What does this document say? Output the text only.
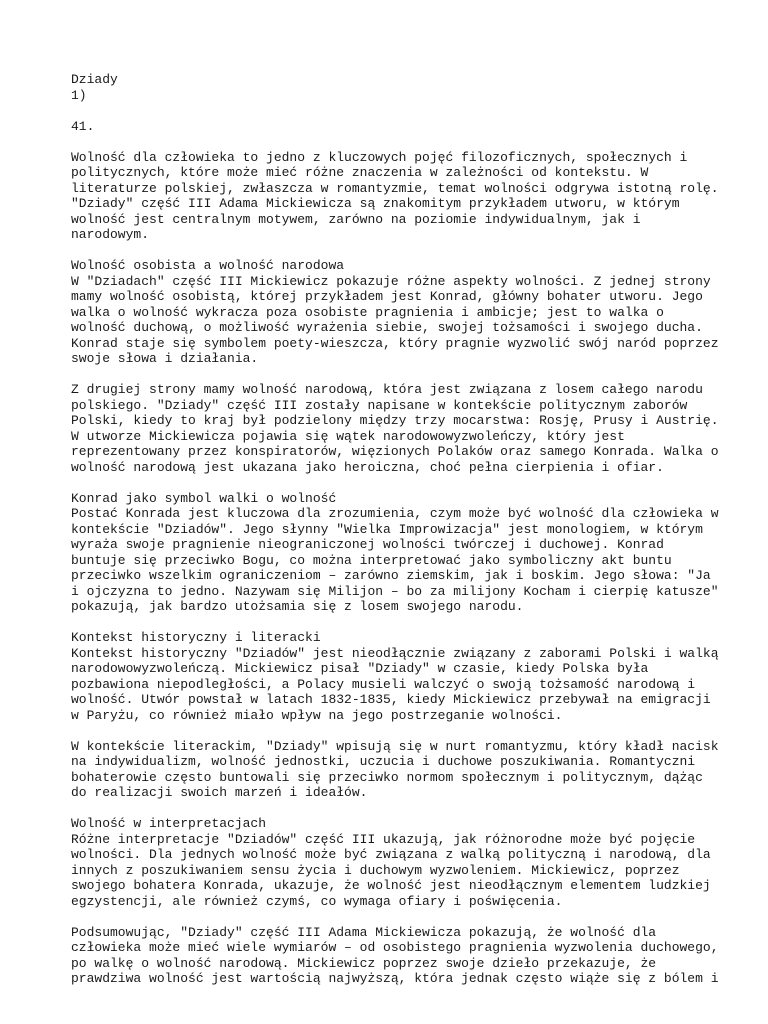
Dziady
1)
41.
Wolność dla człowieka to jedno z kluczowych pojęć filozoficznych, społecznych i
politycznych, które może mieć różne znaczenia w zależności od kontekstu. W
literaturze polskiej, zwłaszcza w romantyzmie, temat wolności odgrywa istotną rolę.
"Dziady" część III Adama Mickiewicza są znakomitym przykładem utworu, w którym
wolność jest centralnym motywem, zarówno na poziomie indywidualnym, jak i
narodowym.
Wolność osobista a wolność narodowa
W "Dziadach" część III Mickiewicz pokazuje różne aspekty wolności. Z jednej strony
mamy wolność osobistą, której przykładem jest Konrad, główny bohater utworu. Jego
walka o wolność wykracza poza osobiste pragnienia i ambicje; jest to walka o
wolność duchową, o możliwość wyrażenia siebie, swojej tożsamości i swojego ducha.
Konrad staje się symbolem poety-wieszcza, który pragnie wyzwolić swój naród poprzez
swoje słowa i działania.
Z drugiej strony mamy wolność narodową, która jest związana z losem całego narodu
polskiego. "Dziady" część III zostały napisane w kontekście politycznym zaborów
Polski, kiedy to kraj był podzielony między trzy mocarstwa: Rosję, Prusy i Austrię.
W utworze Mickiewicza pojawia się wątek narodowowyzwoleńczy, który jest
reprezentowany przez konspiratorów, więzionych Polaków oraz samego Konrada. Walka o
wolność narodową jest ukazana jako heroiczna, choć pełna cierpienia i ofiar.
Konrad jako symbol walki o wolność
Postać Konrada jest kluczowa dla zrozumienia, czym może być wolność dla człowieka w
kontekście "Dziadów". Jego słynny "Wielka Improwizacja" jest monologiem, w którym
wyraża swoje pragnienie nieograniczonej wolności twórczej i duchowej. Konrad
buntuje się przeciwko Bogu, co można interpretować jako symboliczny akt buntu
przeciwko wszelkim ograniczeniom – zarówno ziemskim, jak i boskim. Jego słowa: "Ja
i ojczyzna to jedno. Nazywam się Milijon – bo za milijony Kocham i cierpię katusze"
pokazują, jak bardzo utożsamia się z losem swojego narodu.
Kontekst historyczny i literacki
Kontekst historyczny "Dziadów" jest nieodłącznie związany z zaborami Polski i walką
narodowowyzwoleńczą. Mickiewicz pisał "Dziady" w czasie, kiedy Polska była
pozbawiona niepodległości, a Polacy musieli walczyć o swoją tożsamość narodową i
wolność. Utwór powstał w latach 1832-1835, kiedy Mickiewicz przebywał na emigracji
w Paryżu, co również miało wpływ na jego postrzeganie wolności.
W kontekście literackim, "Dziady" wpisują się w nurt romantyzmu, który kładł nacisk
na indywidualizm, wolność jednostki, uczucia i duchowe poszukiwania. Romantyczni
bohaterowie często buntowali się przeciwko normom społecznym i politycznym, dążąc
do realizacji swoich marzeń i ideałów.
Wolność w interpretacjach
Różne interpretacje "Dziadów" część III ukazują, jak różnorodne może być pojęcie
wolności. Dla jednych wolność może być związana z walką polityczną i narodową, dla
innych z poszukiwaniem sensu życia i duchowym wyzwoleniem. Mickiewicz, poprzez
swojego bohatera Konrada, ukazuje, że wolność jest nieodłącznym elementem ludzkiej
egzystencji, ale również czymś, co wymaga ofiary i poświęcenia.
Podsumowując, "Dziady" część III Adama Mickiewicza pokazują, że wolność dla
człowieka może mieć wiele wymiarów – od osobistego pragnienia wyzwolenia duchowego,
po walkę o wolność narodową. Mickiewicz poprzez swoje dzieło przekazuje, że
prawdziwa wolność jest wartością najwyższą, która jednak często wiąże się z bólem i
